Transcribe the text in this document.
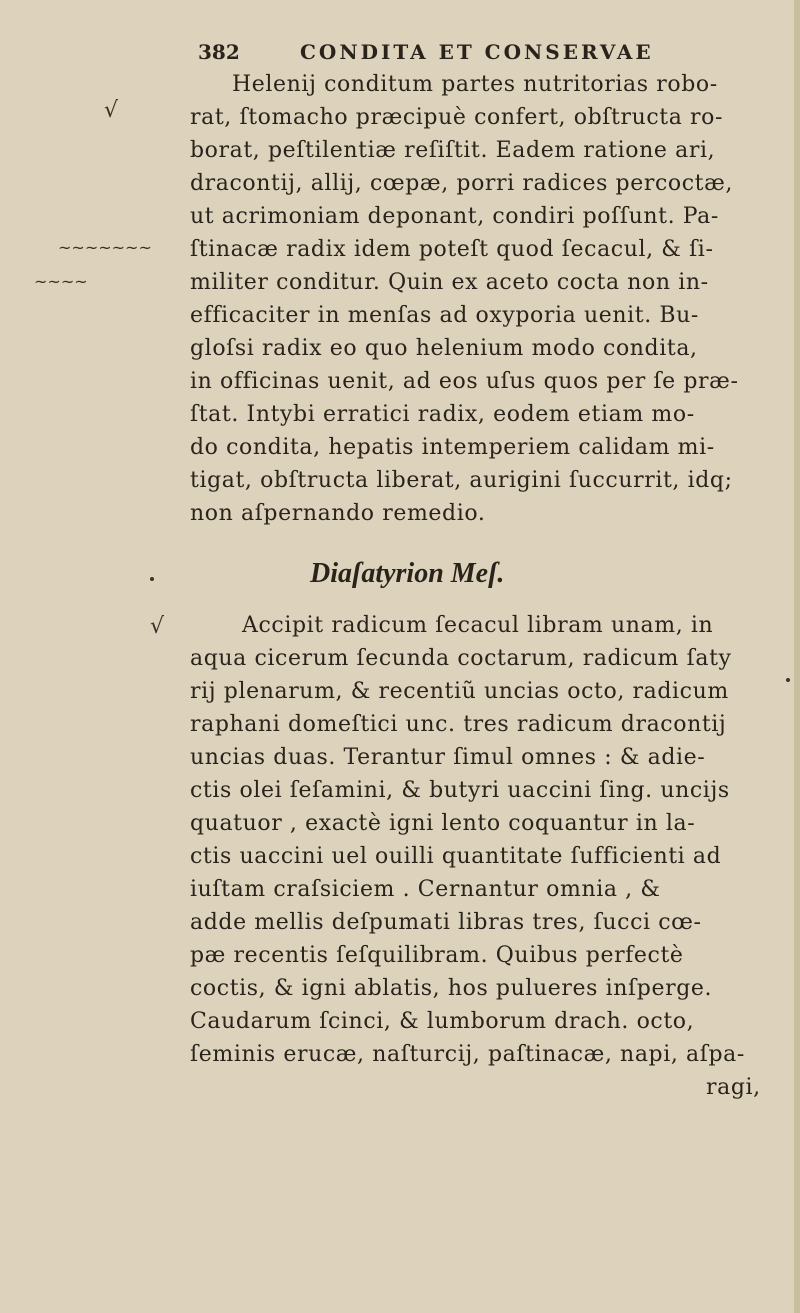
382	CONDITA ET CONSERVAE
√
~~~~~~~
~~~~
√
Helenij conditum partes nutritorias robo-
rat, ſtomacho præcipuè confert, obſtructa ro-
borat, peſtilentiæ reſiſtit. Eadem ratione ari,
dracontij, allij, cœpæ, porri radices percoctæ,
ut acrimoniam deponant, condiri poſſunt. Pa-
ſtinacæ radix idem poteſt quod ſecacul, & ſi-
militer conditur. Quin ex aceto cocta non in-
efficaciter in menſas ad oxyporia uenit. Bu-
gloſsi radix eo quo helenium modo condita,
in officinas uenit, ad eos uſus quos per ſe præ-
ſtat. Intybi erratici radix, eodem etiam mo-
do condita, hepatis intemperiem calidam mi-
tigat, obſtructa liberat, aurigini ſuccurrit, idq;
non aſpernando remedio.
Diaſatyrion Meſ.
Accipit radicum ſecacul libram unam, in
aqua cicerum ſecunda coctarum, radicum ſaty
rij plenarum, & recentiũ uncias octo, radicum
raphani domeſtici unc. tres radicum dracontij
uncias duas. Terantur ſimul omnes : & adie-
ctis olei ſeſamini, & butyri uaccini ſing. uncijs
quatuor , exactè igni lento coquantur in la-
ctis uaccini uel ouilli quantitate ſufficienti ad
iuſtam craſsiciem . Cernantur omnia , &
adde mellis deſpumati libras tres, ſucci cœ-
pæ recentis ſeſquilibram. Quibus perfectè
coctis, & igni ablatis, hos pulueres inſperge.
Caudarum ſcinci, & lumborum drach. octo,
ſeminis erucæ, naſturcij, paſtinacæ, napi, aſpa-
ragi,
